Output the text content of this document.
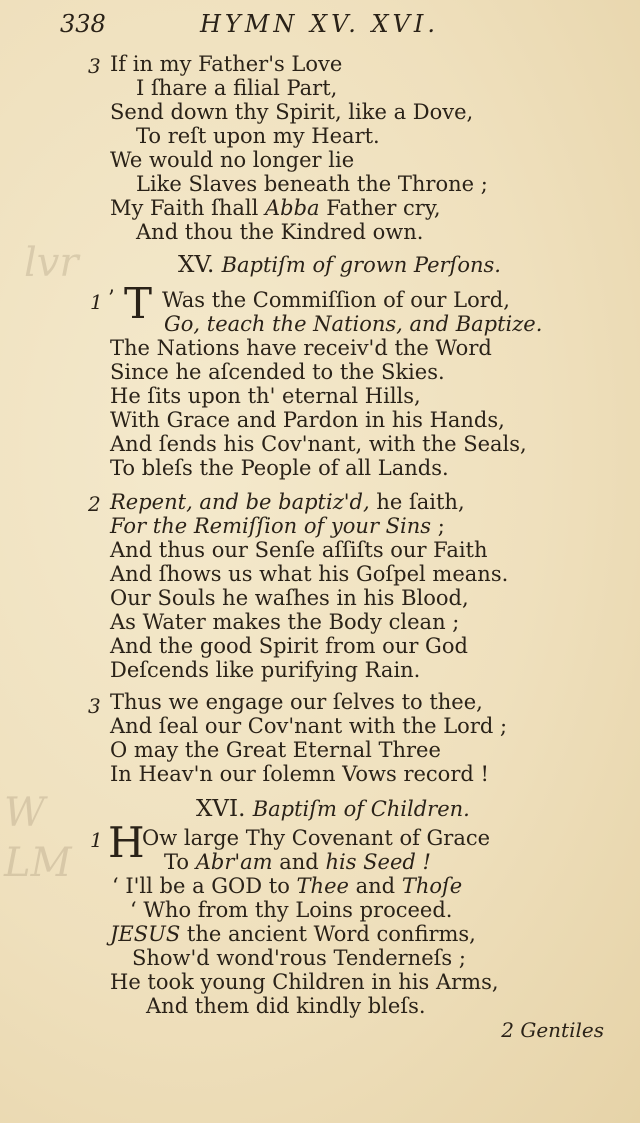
lvr
W
LM
338	HYMN XV. XVI.
3 If in my Father's Love
I ſhare a filial Part,
Send down thy Spirit, like a Dove,
To reſt upon my Heart.
We would no longer lie
Like Slaves beneath the Throne ;
My Faith ſhall Abba Father cry,
And thou the Kindred own.
XV. Baptiſm of grown Perſons.
1 ’ T Was the Commiſſion of our Lord,
Go, teach the Nations, and Baptize.
The Nations have receiv'd the Word
Since he aſcended to the Skies.
He ſits upon th' eternal Hills,
With Grace and Pardon in his Hands,
And ſends his Cov'nant, with the Seals,
To bleſs the People of all Lands.
2 Repent, and be baptiz'd, he ſaith,
For the Remiſſion of your Sins ;
And thus our Senſe aſſiſts our Faith
And ſhows us what his Goſpel means.
Our Souls he waſhes in his Blood,
As Water makes the Body clean ;
And the good Spirit from our God
Deſcends like purifying Rain.
3 Thus we engage our ſelves to thee,
And ſeal our Cov'nant with the Lord ;
O may the Great Eternal Three
In Heav'n our ſolemn Vows record !
XVI. Baptiſm of Children.
1 H
Ow large Thy Covenant of Grace
To Abr'am and his Seed !
‘ I'll be a GOD to Thee and Thoſe
‘ Who from thy Loins proceed.
JESUS the ancient Word confirms,
Show'd wond'rous Tenderneſs ;
He took young Children in his Arms,
And them did kindly bleſs.
2 Gentiles
